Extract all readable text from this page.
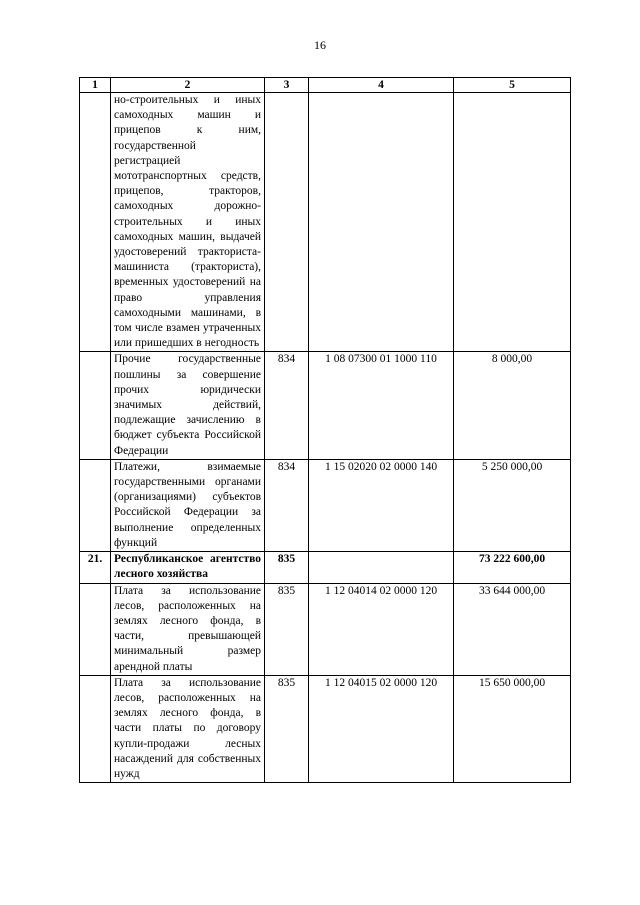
16
1	2	3	4	5
	но-строительных и иных самоходных машин и прицепов к ним, государственной регистрацией мототранспортных средств, прицепов, тракторов, самоходных дорожно-строительных и иных самоходных машин, выдачей удостоверений тракториста-машиниста (тракториста), временных удостоверений на право управления самоходными машинами, в том числе взамен утраченных или пришедших в негодность			
	Прочие государственные пошлины за совершение прочих юридически значимых действий, подлежащие зачислению в бюджет субъекта Российской Федерации	834	1 08 07300 01 1000 110	8 000,00
	Платежи, взимаемые государственными органами (организациями) субъектов Российской Федерации за выполнение определенных функций	834	1 15 02020 02 0000 140	5 250 000,00
21.	Республиканское агентство лесного хозяйства	835		73 222 600,00
	Плата за использование лесов, расположенных на землях лесного фонда, в части, превышающей минимальный размер арендной платы	835	1 12 04014 02 0000 120	33 644 000,00
	Плата за использование лесов, расположенных на землях лесного фонда, в части платы по договору купли-продажи лесных насаждений для собственных нужд	835	1 12 04015 02 0000 120	15 650 000,00
